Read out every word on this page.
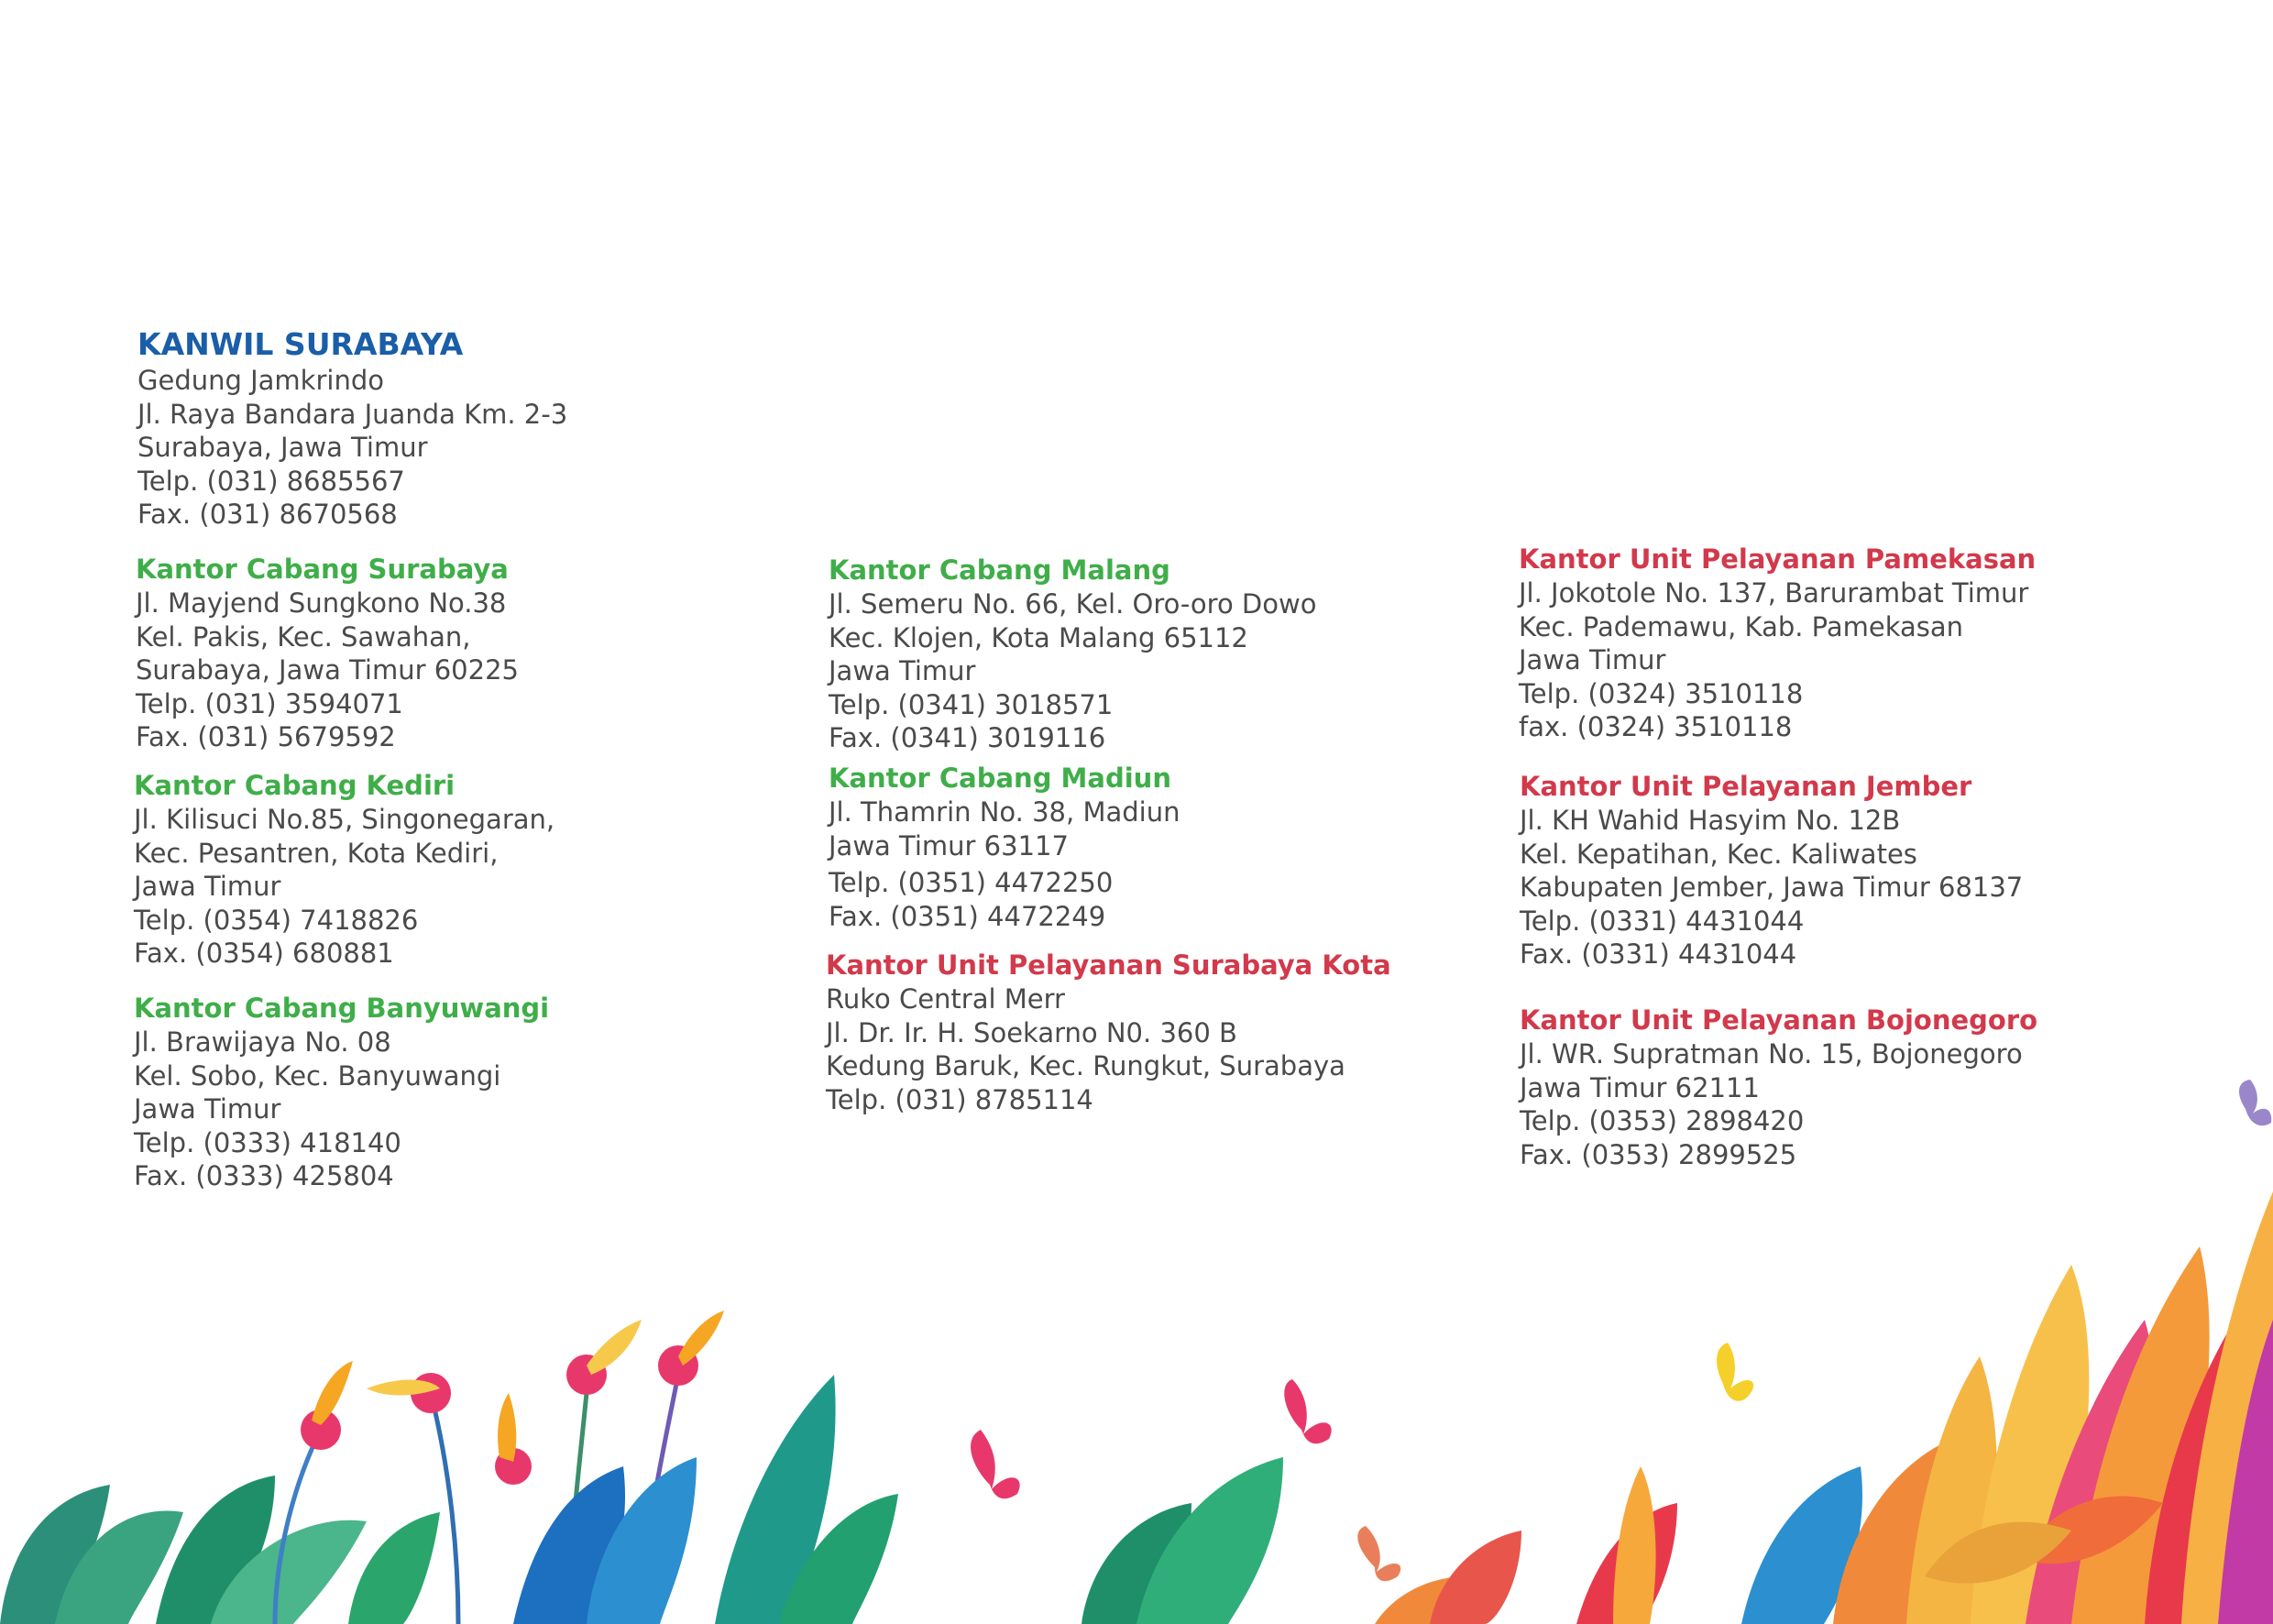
KANWIL SURABAYA
Gedung Jamkrindo
Jl. Raya Bandara Juanda Km. 2-3
Surabaya, Jawa Timur
Telp. (031) 8685567
Fax. (031) 8670568
Kantor Cabang Surabaya
Jl. Mayjend Sungkono No.38
Kel. Pakis, Kec. Sawahan,
Surabaya, Jawa Timur 60225
Telp. (031) 3594071
Fax. (031) 5679592
Kantor Cabang Kediri
Jl. Kilisuci No.85, Singonegaran,
Kec. Pesantren, Kota Kediri,
Jawa Timur
Telp. (0354) 7418826
Fax. (0354) 680881
Kantor Cabang Banyuwangi
Jl. Brawijaya No. 08
Kel. Sobo, Kec. Banyuwangi
Jawa Timur
Telp. (0333) 418140
Fax. (0333) 425804
Kantor Cabang Malang
Jl. Semeru No. 66, Kel. Oro-oro Dowo
Kec. Klojen, Kota Malang 65112
Jawa Timur
Telp. (0341) 3018571
Fax. (0341) 3019116
Kantor Cabang Madiun
Jl. Thamrin No. 38, Madiun
Jawa Timur 63117
Telp. (0351) 4472250
Fax. (0351) 4472249
Kantor Unit Pelayanan Surabaya Kota
Ruko Central Merr
Jl. Dr. Ir. H. Soekarno N0. 360 B
Kedung Baruk, Kec. Rungkut, Surabaya
Telp. (031) 8785114
Kantor Unit Pelayanan Pamekasan
Jl. Jokotole No. 137, Barurambat Timur
Kec. Pademawu, Kab. Pamekasan
Jawa Timur
Telp. (0324) 3510118
fax. (0324) 3510118
Kantor Unit Pelayanan Jember
Jl. KH Wahid Hasyim No. 12B
Kel. Kepatihan, Kec. Kaliwates
Kabupaten Jember, Jawa Timur 68137
Telp. (0331) 4431044
Fax. (0331) 4431044
Kantor Unit Pelayanan Bojonegoro
Jl. WR. Supratman No. 15, Bojonegoro
Jawa Timur 62111
Telp. (0353) 2898420
Fax. (0353) 2899525
